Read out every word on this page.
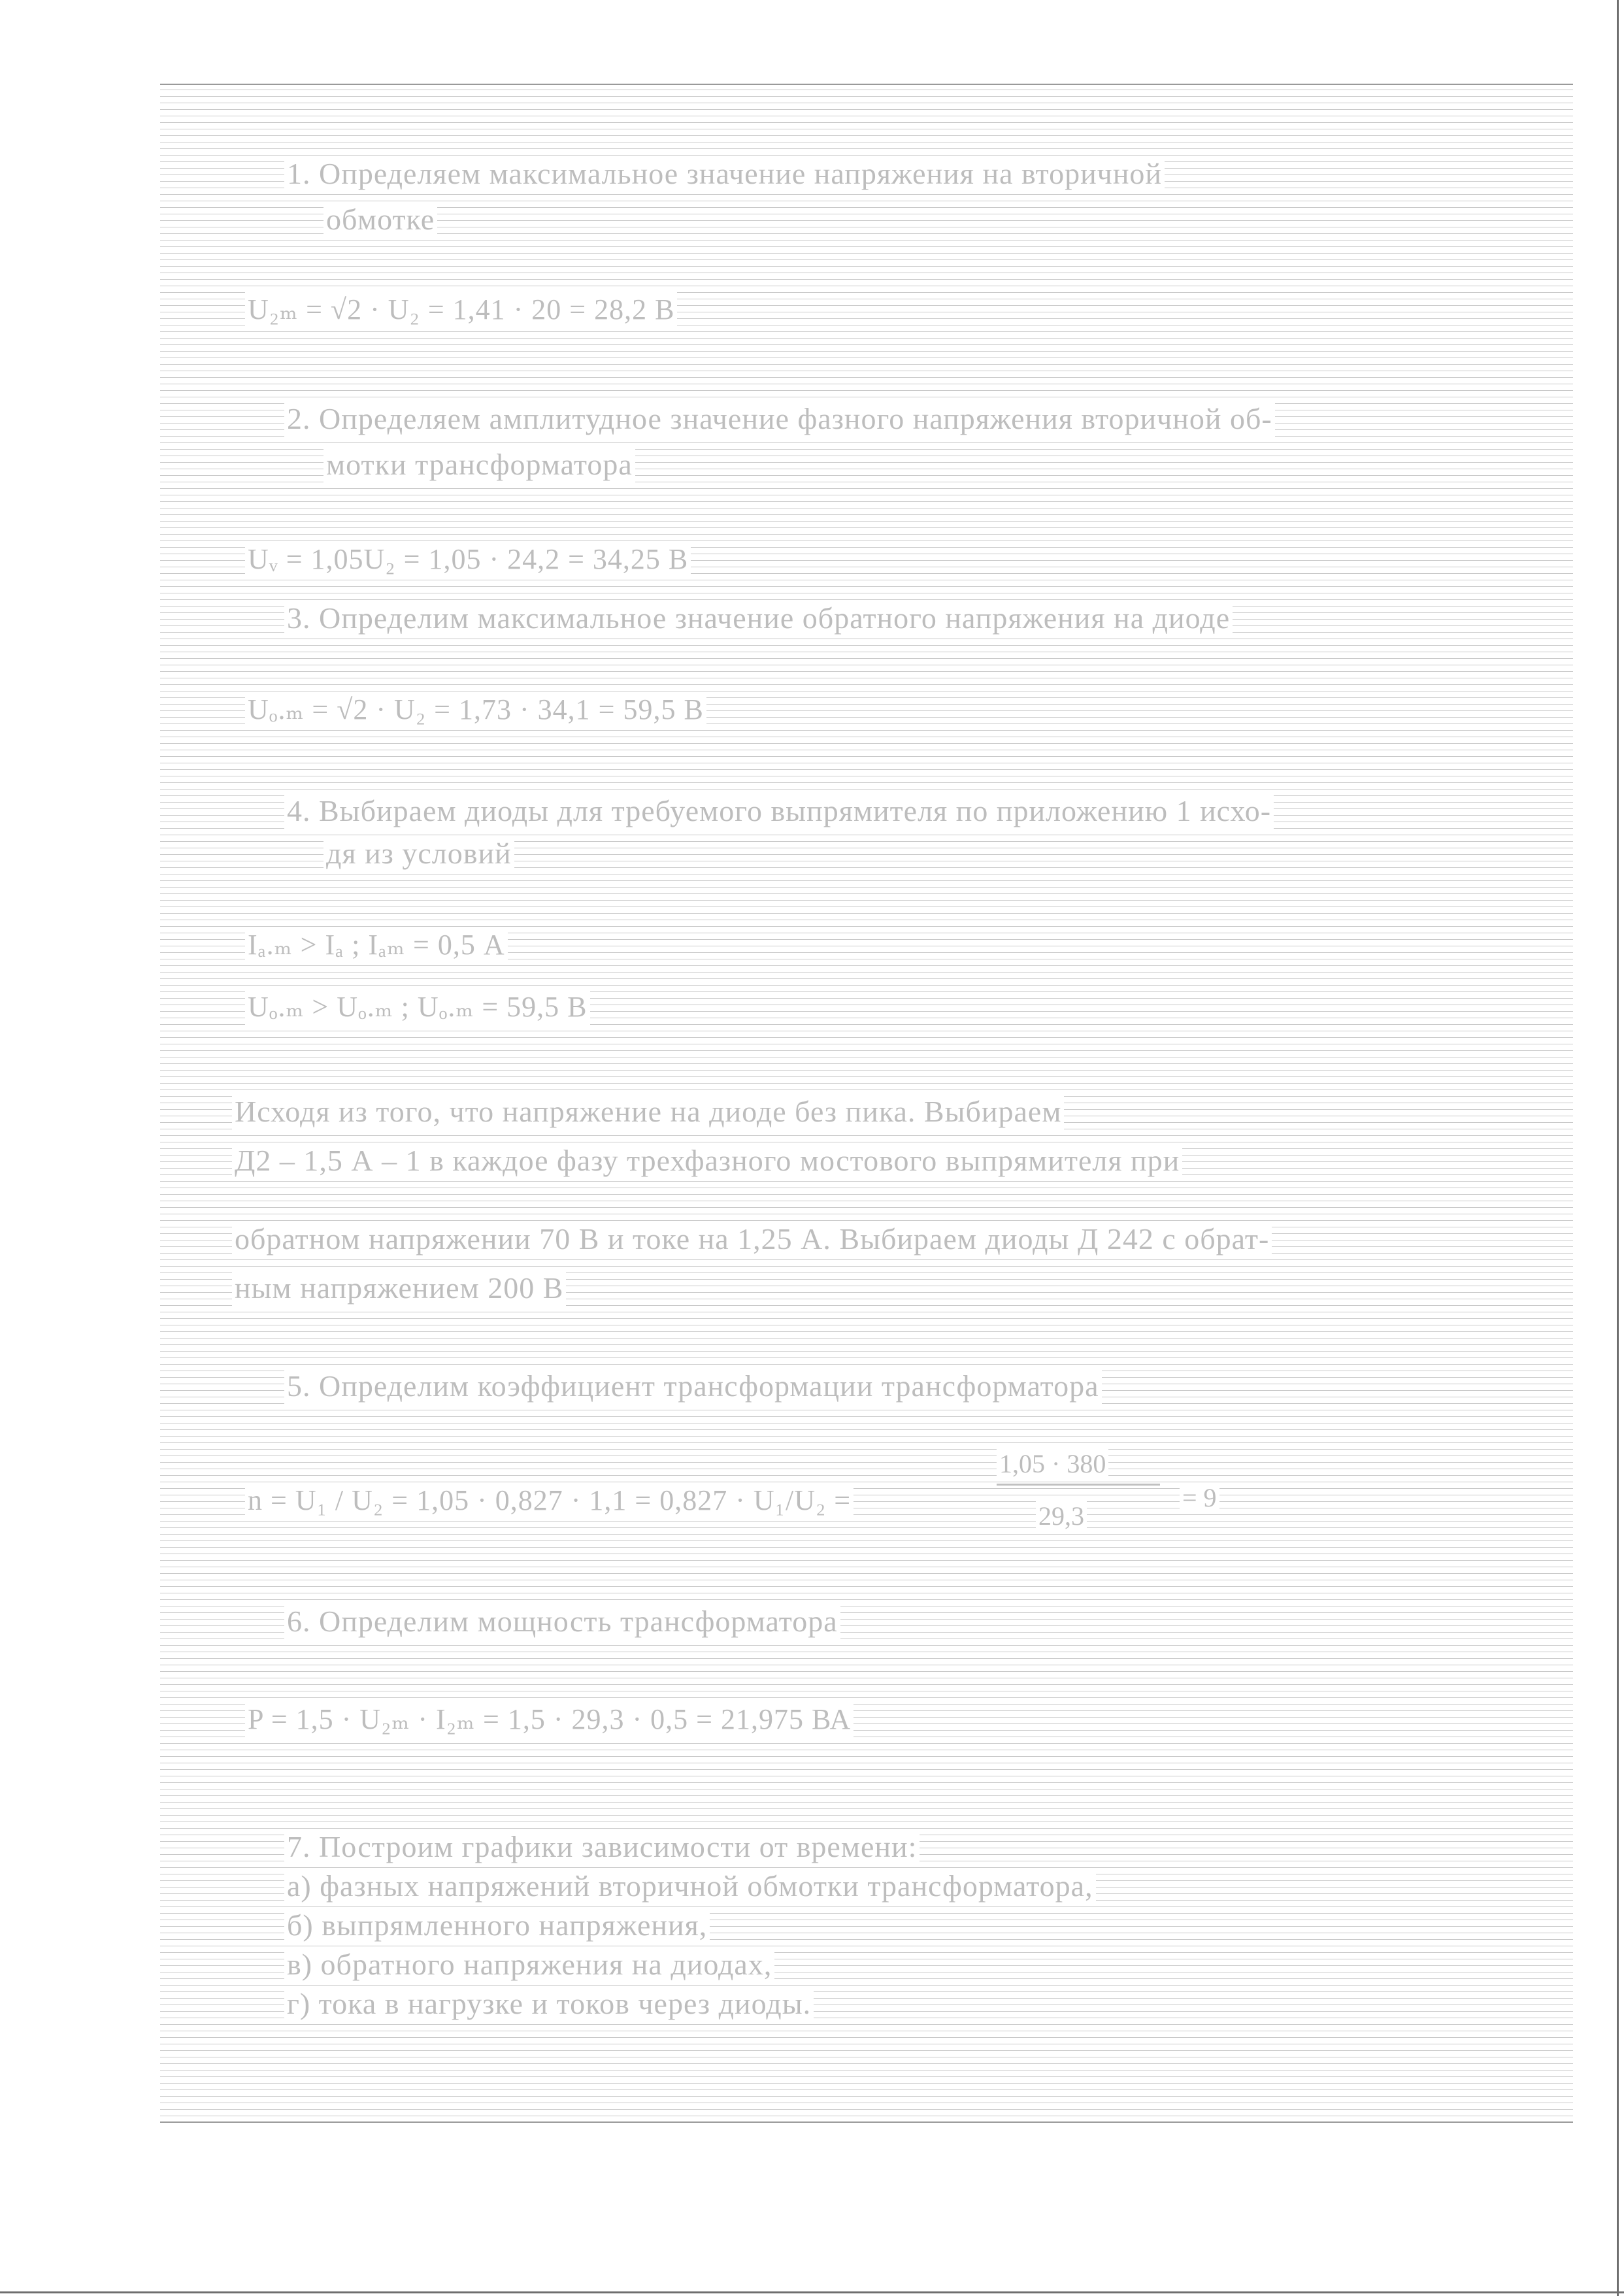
1. Определяем максимальное значение напряжения на вторичной
обмотке
U₂ₘ = √2 · U₂ = 1,41 · 20 = 28,2 В
2. Определяем амплитудное значение фазного напряжения вторичной об-
мотки трансформатора
Uᵥ = 1,05U₂ = 1,05 · 24,2 = 34,25 В
3. Определим максимальное значение обратного напряжения на диоде
Uₒ.ₘ = √2 · U₂ = 1,73 · 34,1 = 59,5 В
4. Выбираем диоды для требуемого выпрямителя по приложению 1 исхо-
дя из условий
Iₐ.ₘ > Iₐ ; Iₐₘ = 0,5 А
Uₒ.ₘ > Uₒ.ₘ ; Uₒ.ₘ = 59,5 В
Исходя из того, что напряжение на диоде без пика. Выбираем
Д2 – 1,5 А – 1 в каждое фазу трехфазного мостового выпрямителя при
обратном напряжении 70 В и токе на 1,25 А. Выбираем диоды Д 242 с обрат-
ным напряжением 200 В
5. Определим коэффициент трансформации трансформатора
n = U₁ / U₂ = 1,05 · 0,827 · 1,1 = 0,827 · U₁/U₂ =
1,05 · 380
29,3
= 9
6. Определим мощность трансформатора
P = 1,5 · U₂ₘ · I₂ₘ = 1,5 · 29,3 · 0,5 = 21,975 ВА
7. Построим графики зависимости от времени:
а) фазных напряжений вторичной обмотки трансформатора,
б) выпрямленного напряжения,
в) обратного напряжения на диодах,
г) тока в нагрузке и токов через диоды.
